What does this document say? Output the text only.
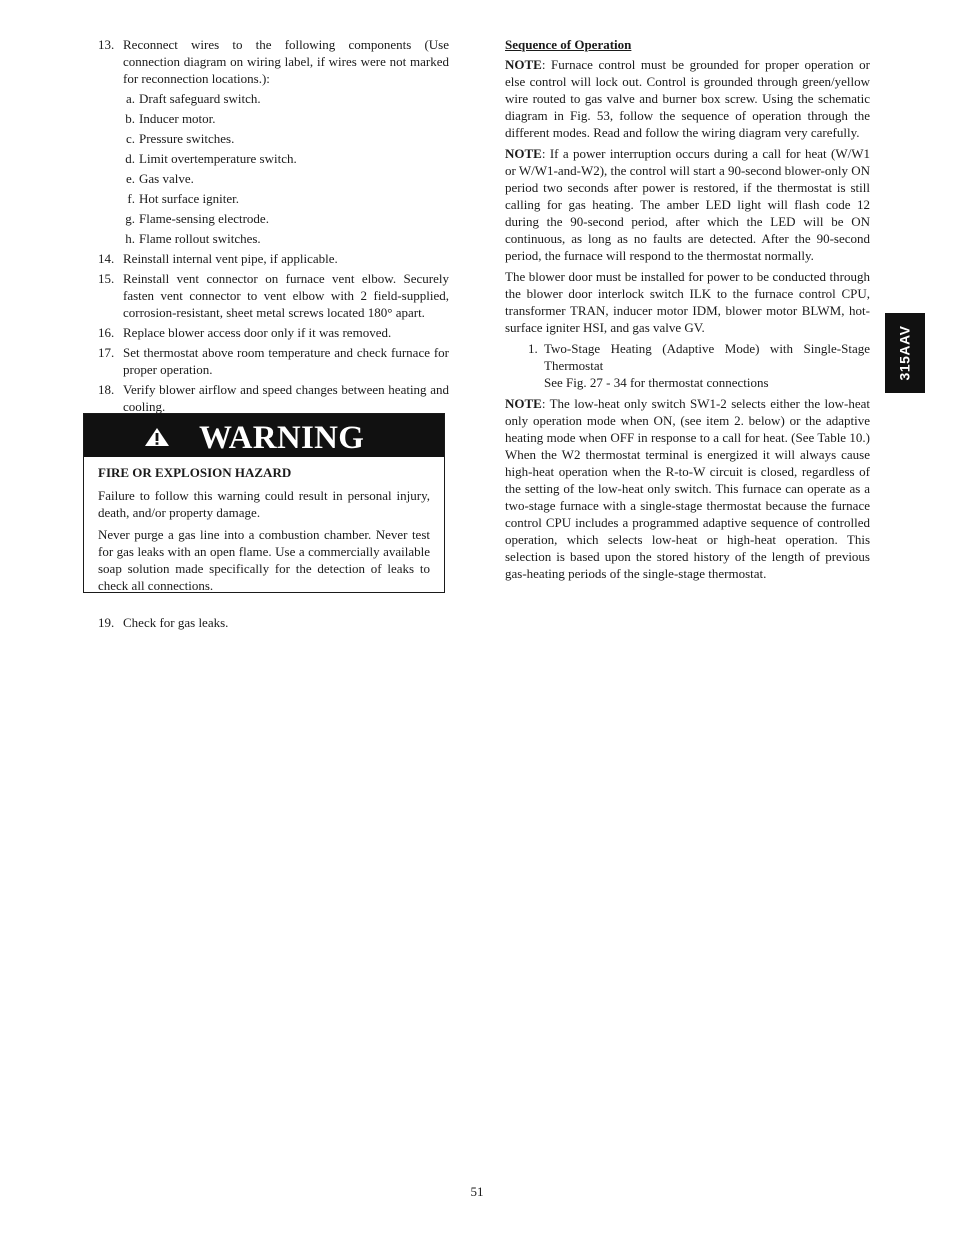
13. Reconnect wires to the following components (Use connection diagram on wiring label, if wires were not marked for reconnection locations.):
a. Draft safeguard switch.
b. Inducer motor.
c. Pressure switches.
d. Limit overtemperature switch.
e. Gas valve.
f. Hot surface igniter.
g. Flame-sensing electrode.
h. Flame rollout switches.
14. Reinstall internal vent pipe, if applicable.
15. Reinstall vent connector on furnace vent elbow. Securely fasten vent connector to vent elbow with 2 field-supplied, corrosion-resistant, sheet metal screws located 180° apart.
16. Replace blower access door only if it was removed.
17. Set thermostat above room temperature and check furnace for proper operation.
18. Verify blower airflow and speed changes between heating and cooling.
WARNING

FIRE OR EXPLOSION HAZARD

Failure to follow this warning could result in personal injury, death, and/or property damage.

Never purge a gas line into a combustion chamber. Never test for gas leaks with an open flame. Use a commercially available soap solution made specifically for the detection of leaks to check all connections.

19. Check for gas leaks.

Sequence of Operation

NOTE: Furnace control must be grounded for proper operation or else control will lock out. Control is grounded through green/yellow wire routed to gas valve and burner box screw. Using the schematic diagram in Fig. 53, follow the sequence of operation through the different modes. Read and follow the wiring diagram very carefully.

NOTE: If a power interruption occurs during a call for heat (W/W1 or W/W1-and-W2), the control will start a 90-second blower-only ON period two seconds after power is restored, if the thermostat is still calling for gas heating. The amber LED light will flash code 12 during the 90-second period, after which the LED will be ON continuous, as long as no faults are detected. After the 90-second period, the furnace will respond to the thermostat normally.

The blower door must be installed for power to be conducted through the blower door interlock switch ILK to the furnace control CPU, transformer TRAN, inducer motor IDM, blower motor BLWM, hot-surface igniter HSI, and gas valve GV.

1. Two-Stage Heating (Adaptive Mode) with Single-Stage Thermostat
See Fig. 27 - 34 for thermostat connections

NOTE: The low-heat only switch SW1-2 selects either the low-heat only operation mode when ON, (see item 2. below) or the adaptive heating mode when OFF in response to a call for heat. (See Table 10.) When the W2 thermostat terminal is energized it will always cause high-heat operation when the R-to-W circuit is closed, regardless of the setting of the low-heat only switch. This furnace can operate as a two-stage furnace with a single-stage thermostat because the furnace control CPU includes a programmed adaptive sequence of controlled operation, which selects low-heat or high-heat operation. This selection is based upon the stored history of the length of previous gas-heating periods of the single-stage thermostat.

315AAV
51
